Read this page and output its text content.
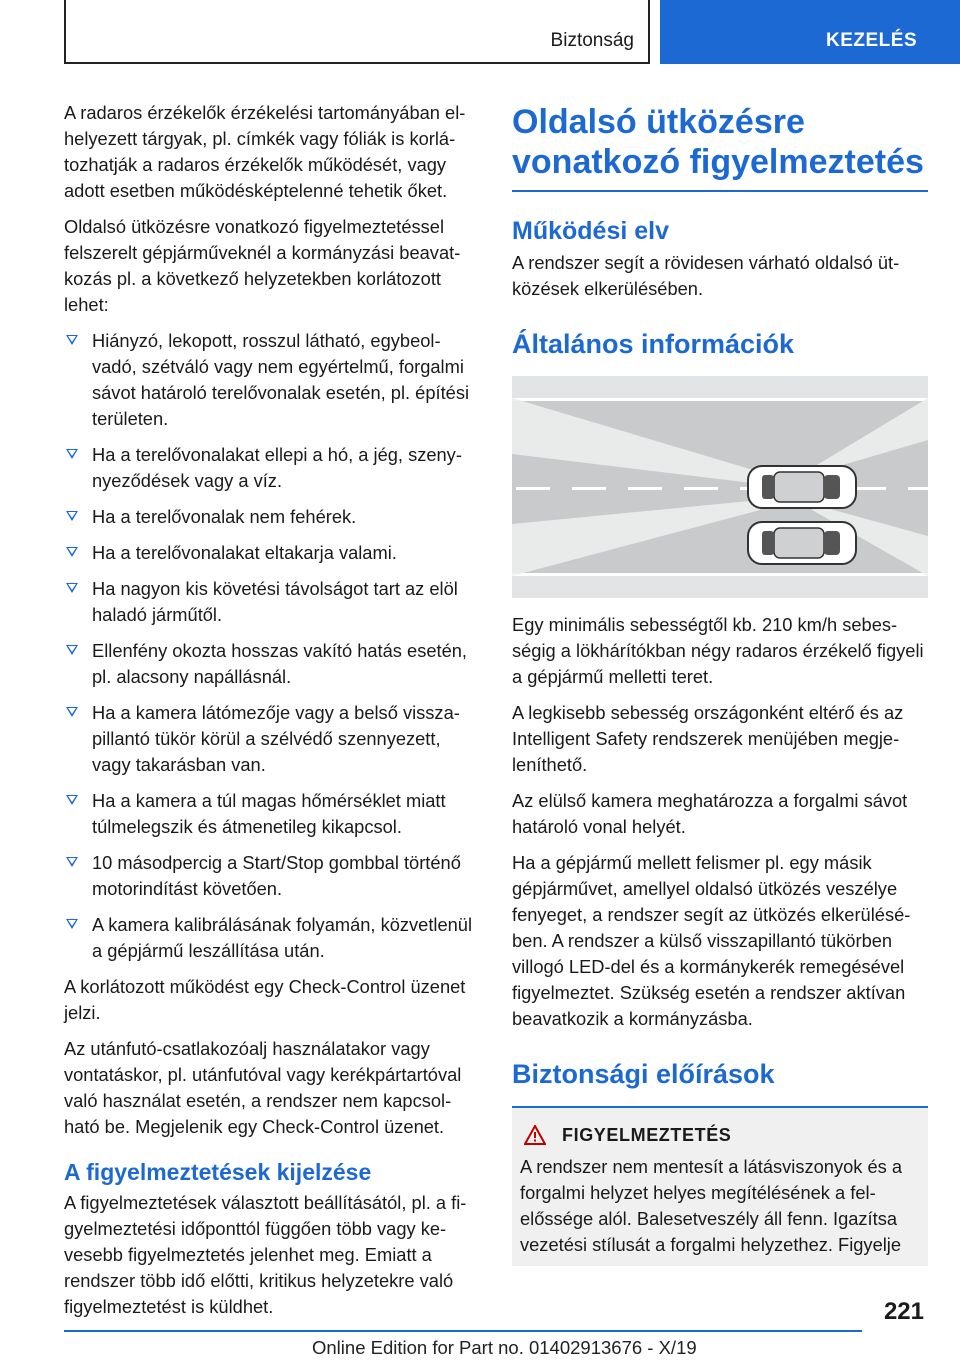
Biztonság	KEZELÉS

A radaros érzékelők érzékelési tartományában elhelyezett tárgyak, pl. címkék vagy fóliák is korlátozhatják a radaros érzékelők működését, vagy adott esetben működésképtelenné tehetik őket.

Oldalsó ütközésre vonatkozó figyelmeztetéssel felszerelt gépjárműveknél a kormányzási beavatkozás pl. a következő helyzetekben korlátozott lehet:

Hiányzó, lekopott, rosszul látható, egybeolvadó, szétváló vagy nem egyértelmű, forgalmi sávot határoló terelővonalak esetén, pl. építési területen.
Ha a terelővonalakat ellepi a hó, a jég, szenynyeződések vagy a víz.
Ha a terelővonalak nem fehérek.
Ha a terelővonalakat eltakarja valami.
Ha nagyon kis követési távolságot tart az elöl haladó járműtől.
Ellenfény okozta hosszas vakító hatás esetén, pl. alacsony napállásnál.
Ha a kamera látómezője vagy a belső visszapillantó tükör körül a szélvédő szennyezett, vagy takarásban van.
Ha a kamera a túl magas hőmérséklet miatt túlmelegszik és átmenetileg kikapcsol.
10 másodpercig a Start/Stop gombbal történő motorindítást követően.
A kamera kalibrálásának folyamán, közvetlenül a gépjármű leszállítása után.

A korlátozott működést egy Check-Control üzenet jelzi.

Az utánfutó-csatlakozóalj használatakor vagy vontatáskor, pl. utánfutóval vagy kerékpártartóval való használat esetén, a rendszer nem kapcsolható be. Megjelenik egy Check-Control üzenet.

A figyelmeztetések kijelzése

A figyelmeztetések választott beállításától, pl. a figyelmeztetési időponttól függően több vagy kevesebb figyelmeztetés jelenhet meg. Emiatt a rendszer több idő előtti, kritikus helyzetekre való figyelmeztetést is küldhet.

Oldalsó ütközésre vonatkozó figyelmeztetés
Működési elv

A rendszer segít a rövidesen várható oldalsó ütközések elkerülésében.

Általános információk

Egy minimális sebességtől kb. 210 km/h sebességig a lökhárítókban négy radaros érzékelő figyeli a gépjármű melletti teret.

A legkisebb sebesség országonként eltérő és az Intelligent Safety rendszerek menüjében megjeleníthető.

Az elülső kamera meghatározza a forgalmi sávot határoló vonal helyét.

Ha a gépjármű mellett felismer pl. egy másik gépjárművet, amellyel oldalsó ütközés veszélye fenyeget, a rendszer segít az ütközés elkerülésében. A rendszer a külső visszapillantó tükörben villogó LED-del és a kormánykerék remegésével figyelmeztet. Szükség esetén a rendszer aktívan beavatkozik a kormányzásba.

Biztonsági előírások
FIGYELMEZTETÉS

A rendszer nem mentesít a látásviszonyok és a forgalmi helyzet helyes megítélésének a felelőssége alól. Balesetveszély áll fenn. Igazítsa vezetési stílusát a forgalmi helyzethez. Figyelje

221
Online Edition for Part no. 01402913676 - X/19
